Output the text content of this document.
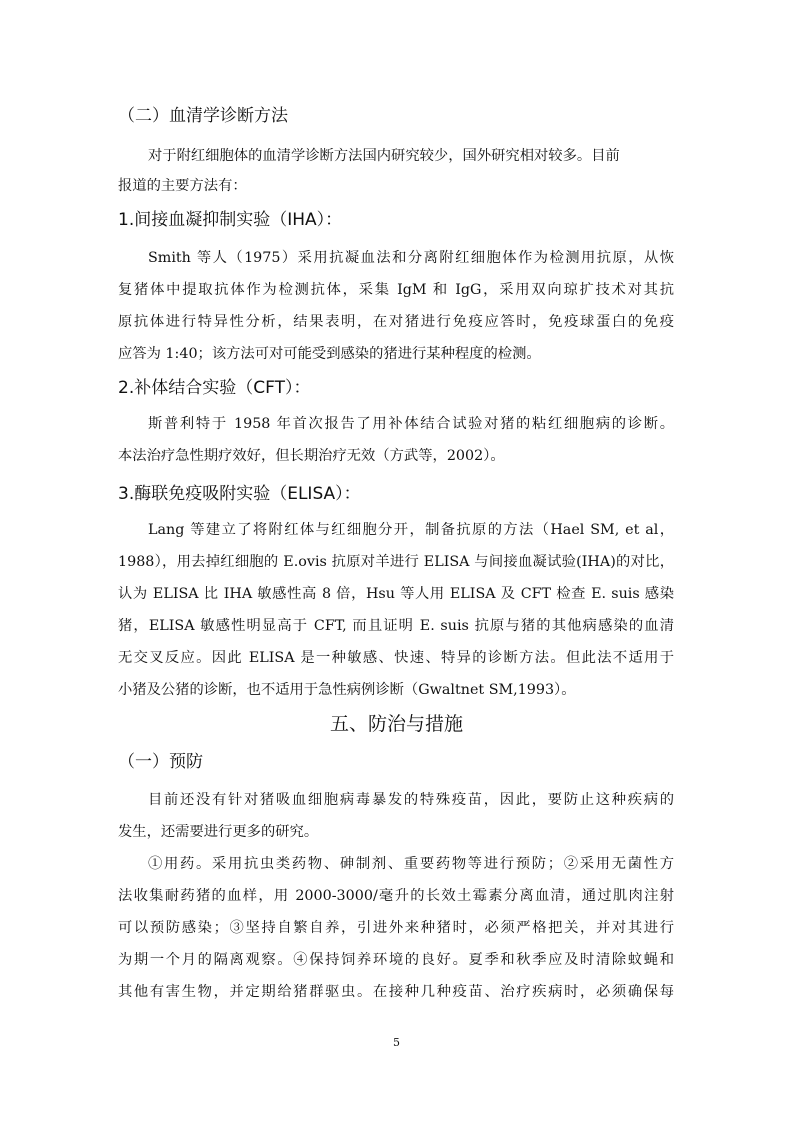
（二）血清学诊断方法
对于附红细胞体的血清学诊断方法国内研究较少，国外研究相对较多。目前
报道的主要方法有：
1.间接血凝抑制实验（IHA）：
Smith 等人（1975）采用抗凝血法和分离附红细胞体作为检测用抗原，从恢
复猪体中提取抗体作为检测抗体，采集 IgM 和 IgG，采用双向琼扩技术对其抗
原抗体进行特异性分析，结果表明，在对猪进行免疫应答时，免疫球蛋白的免疫
应答为 1:40；该方法可对可能受到感染的猪进行某种程度的检测。
2.补体结合实验（CFT）：
斯普利特于 1958 年首次报告了用补体结合试验对猪的粘红细胞病的诊断。
本法治疗急性期疗效好，但长期治疗无效（方武等，2002）。
3.酶联免疫吸附实验（ELISA）：
Lang 等建立了将附红体与红细胞分开，制备抗原的方法（Hael SM, et al，
1988），用去掉红细胞的 E.ovis 抗原对羊进行 ELISA 与间接血凝试验(IHA)的对比，
认为 ELISA 比 IHA 敏感性高 8 倍，Hsu 等人用 ELISA 及 CFT 检查 E. suis 感染
猪，ELISA 敏感性明显高于 CFT, 而且证明 E. suis 抗原与猪的其他病感染的血清
无交叉反应。因此 ELISA 是一种敏感、快速、特异的诊断方法。但此法不适用于
小猪及公猪的诊断，也不适用于急性病例诊断（Gwaltnet SM,1993）。
五、防治与措施
（一）预防
目前还没有针对猪吸血细胞病毒暴发的特殊疫苗，因此，要防止这种疾病的
发生，还需要进行更多的研究。
①用药。采用抗虫类药物、砷制剂、重要药物等进行预防；②采用无菌性方
法收集耐药猪的血样，用 2000-3000/毫升的长效土霉素分离血清，通过肌肉注射
可以预防感染；③坚持自繁自养，引进外来种猪时，必须严格把关，并对其进行
为期一个月的隔离观察。④保持饲养环境的良好。夏季和秋季应及时清除蚊蝇和
其他有害生物，并定期给猪群驱虫。在接种几种疫苗、治疗疾病时，必须确保每
5
